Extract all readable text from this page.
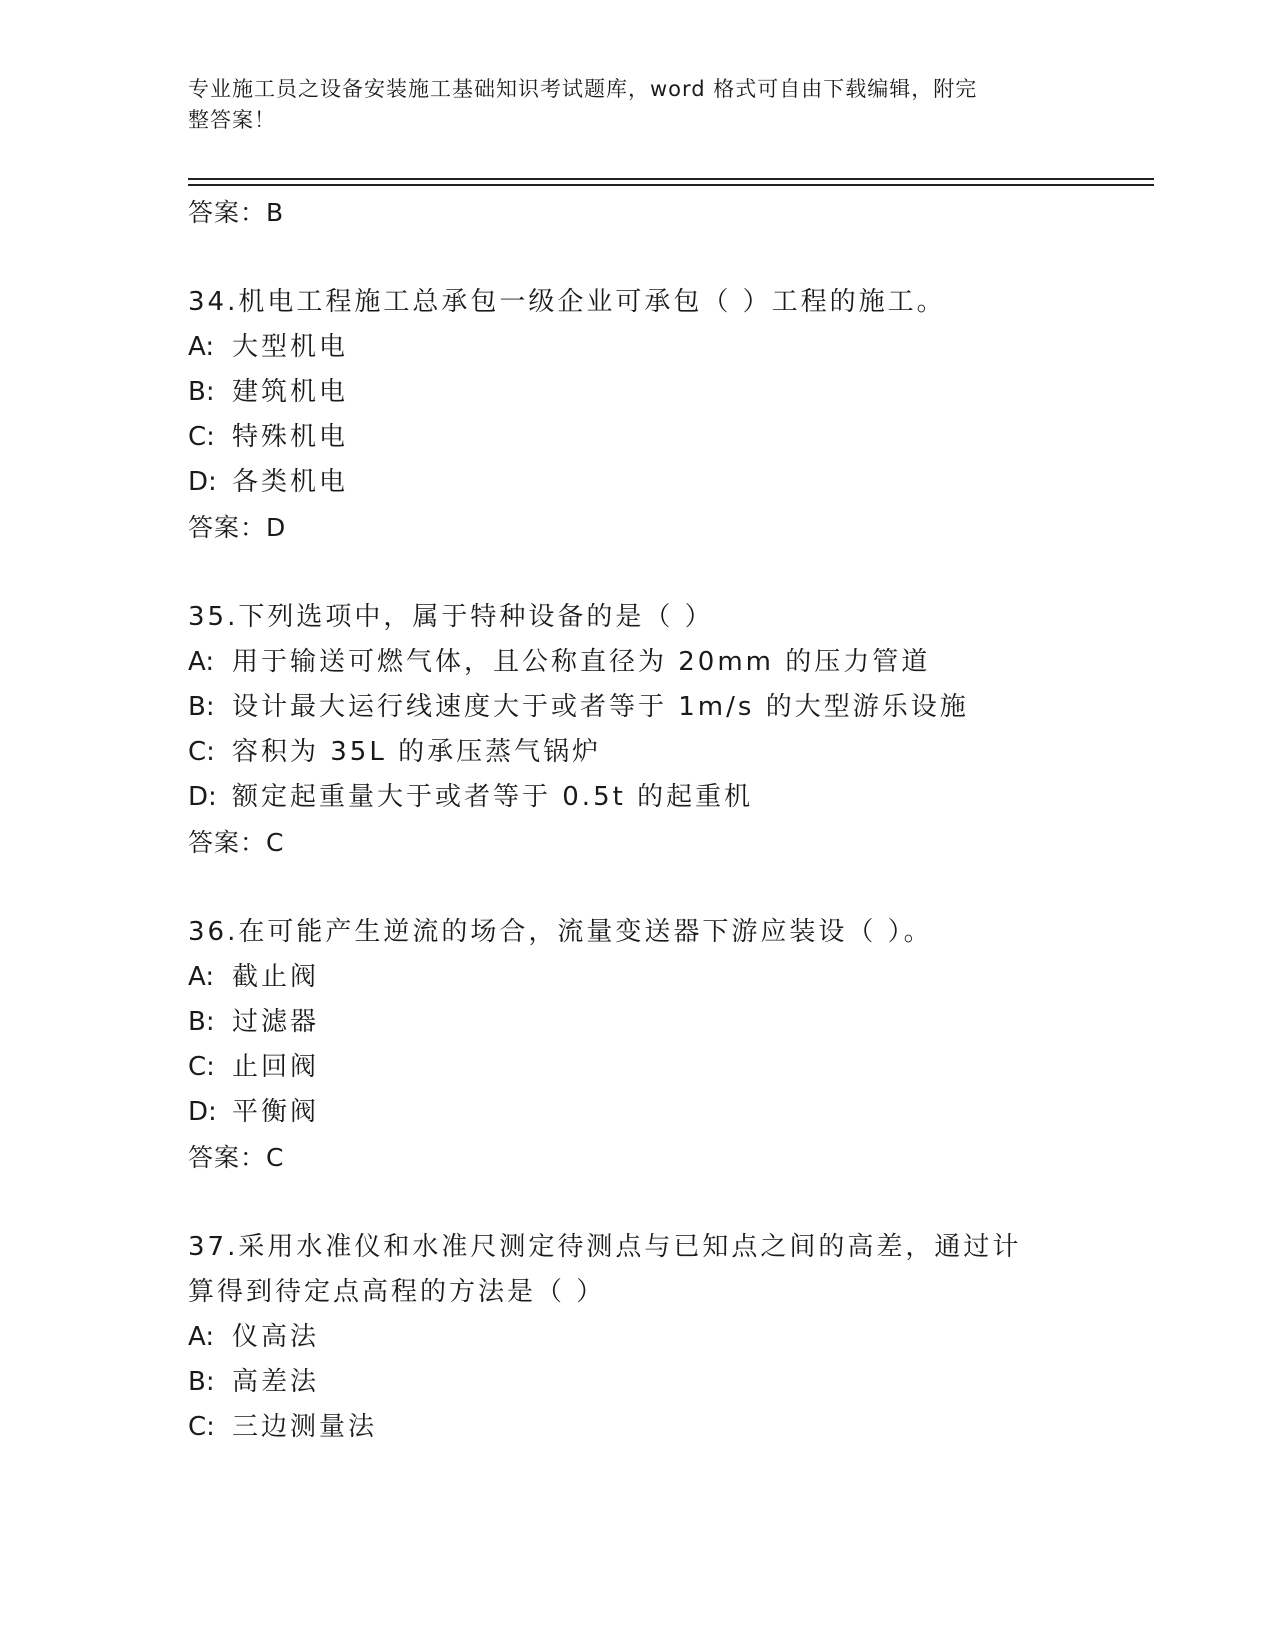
专业施工员之设备安装施工基础知识考试题库，word 格式可自由下载编辑，附完
整答案！
答案：B
34.机电工程施工总承包一级企业可承包（ ）工程的施工。
A: 大型机电
B: 建筑机电
C: 特殊机电
D: 各类机电
答案：D
35.下列选项中，属于特种设备的是（ ）
A: 用于输送可燃气体，且公称直径为 20mm 的压力管道
B: 设计最大运行线速度大于或者等于 1m/s 的大型游乐设施
C: 容积为 35L 的承压蒸气锅炉
D: 额定起重量大于或者等于 0.5t 的起重机
答案：C
36.在可能产生逆流的场合，流量变送器下游应装设（ ）。
A: 截止阀
B: 过滤器
C: 止回阀
D: 平衡阀
答案：C
37.采用水准仪和水准尺测定待测点与已知点之间的高差，通过计算得到待定点高程的方法是（ ）
A: 仪高法
B: 高差法
C: 三边测量法
